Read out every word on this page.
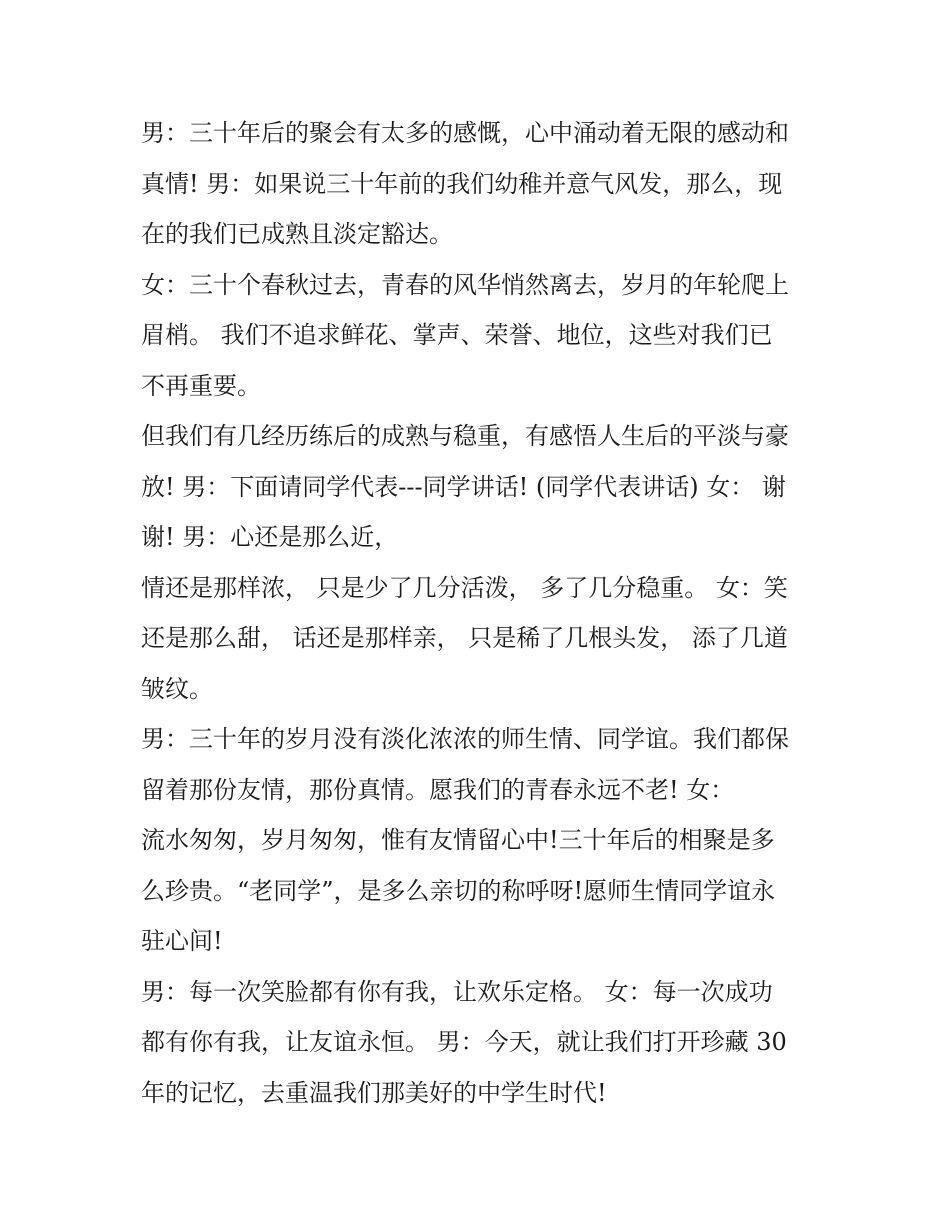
男：三十年后的聚会有太多的感慨，心中涌动着无限的感动和
真情! 男：如果说三十年前的我们幼稚并意气风发，那么，现
在的我们已成熟且淡定豁达。

女：三十个春秋过去，青春的风华悄然离去，岁月的年轮爬上
眉梢。 我们不追求鲜花、掌声、荣誉、地位，这些对我们已
不再重要。

但我们有几经历练后的成熟与稳重，有感悟人生后的平淡与豪
放! 男：下面请同学代表---同学讲话! (同学代表讲话) 女： 谢
谢! 男：心还是那么近，

情还是那样浓， 只是少了几分活泼， 多了几分稳重。 女：笑
还是那么甜， 话还是那样亲， 只是稀了几根头发， 添了几道
皱纹。

男：三十年的岁月没有淡化浓浓的师生情、同学谊。我们都保
留着那份友情，那份真情。愿我们的青春永远不老! 女：

流水匆匆，岁月匆匆，惟有友情留心中!三十年后的相聚是多
么珍贵。“老同学”，是多么亲切的称呼呀!愿师生情同学谊永
驻心间!

男：每一次笑脸都有你有我，让欢乐定格。 女：每一次成功
都有你有我，让友谊永恒。 男：今天，就让我们打开珍藏 30
年的记忆，去重温我们那美好的中学生时代!
